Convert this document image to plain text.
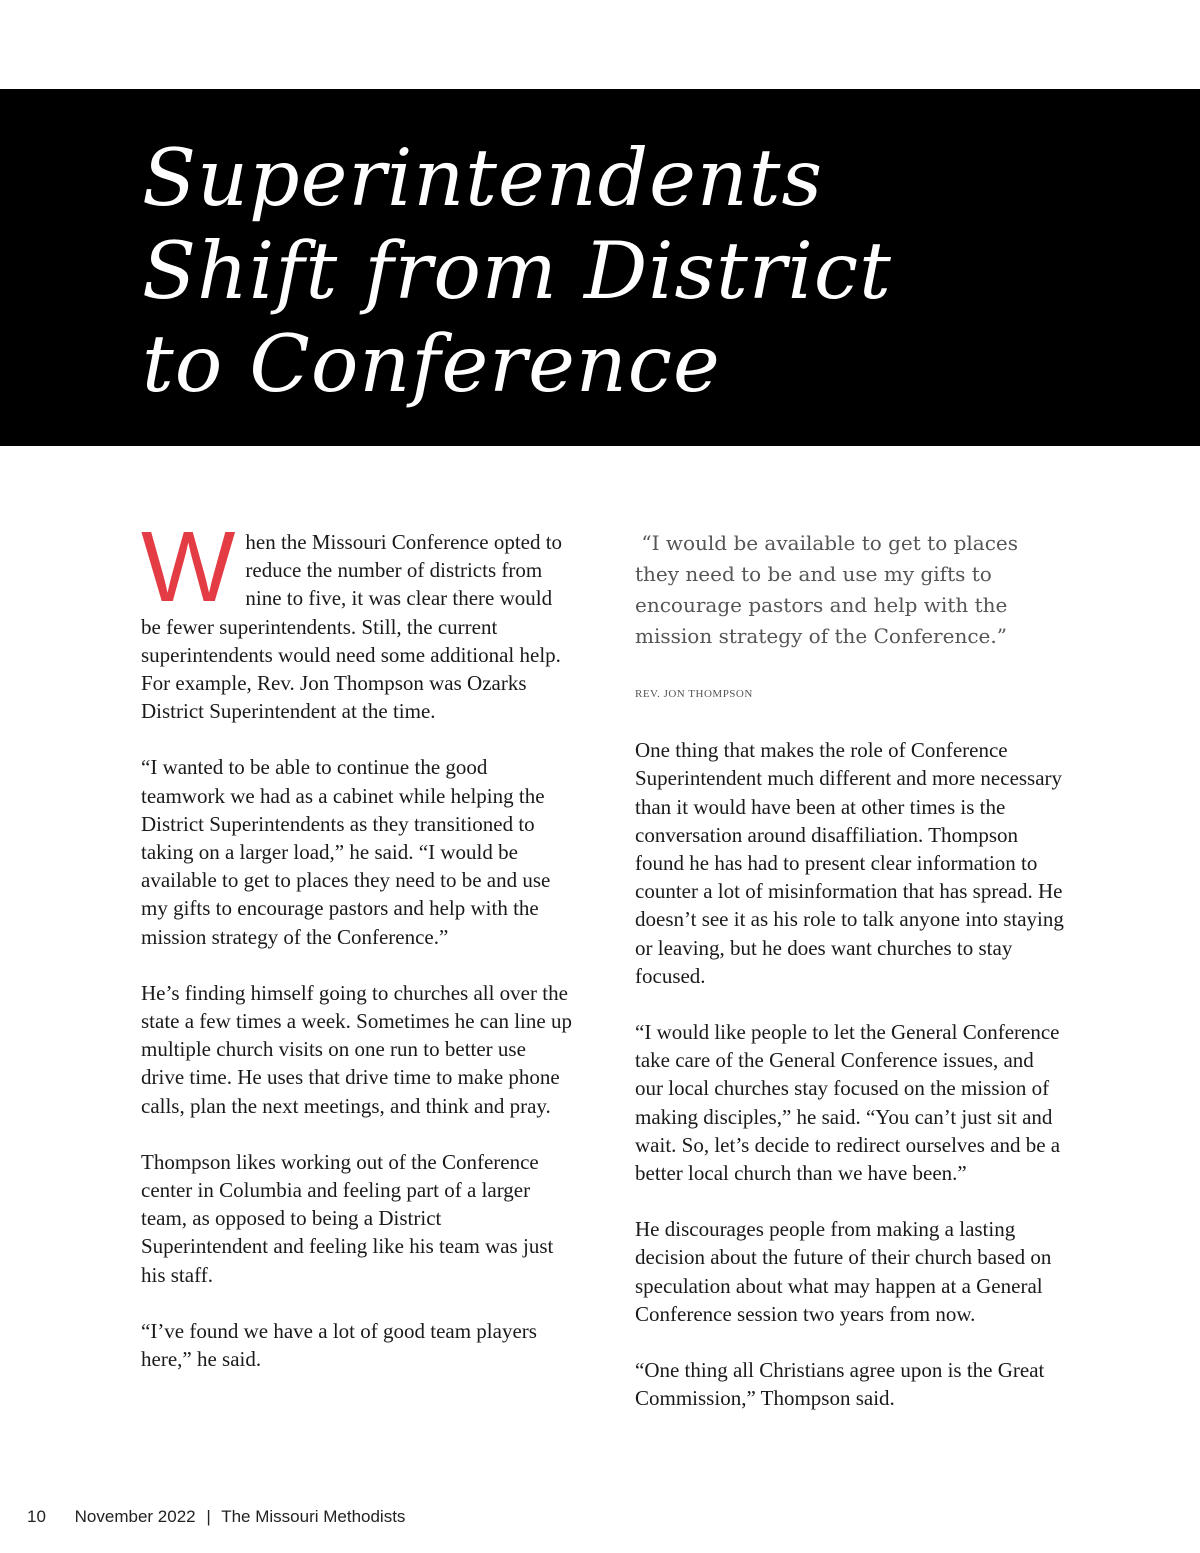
Superintendents
Shift from District
to Conference

When the Missouri Conference opted to reduce the number of districts from nine to five, it was clear there would be fewer superintendents. Still, the current superintendents would need some additional help. For example, Rev. Jon Thompson was Ozarks District Superintendent at the time.

“I wanted to be able to continue the good teamwork we had as a cabinet while helping the District Superintendents as they transitioned to taking on a larger load,” he said. “I would be available to get to places they need to be and use my gifts to encourage pastors and help with the mission strategy of the Conference.”

He’s finding himself going to churches all over the state a few times a week. Sometimes he can line up multiple church visits on one run to better use drive time. He uses that drive time to make phone calls, plan the next meetings, and think and pray.

Thompson likes working out of the Conference center in Columbia and feeling part of a larger team, as opposed to being a District Superintendent and feeling like his team was just his staff.

“I’ve found we have a lot of good team players here,” he said.

“I would be available to get to places they need to be and use my gifts to encourage pastors and help with the mission strategy of the Conference.”

REV. JON THOMPSON

One thing that makes the role of Conference Superintendent much different and more necessary than it would have been at other times is the conversation around disaffiliation. Thompson found he has had to present clear information to counter a lot of misinformation that has spread. He doesn’t see it as his role to talk anyone into staying or leaving, but he does want churches to stay focused.

“I would like people to let the General Conference take care of the General Conference issues, and our local churches stay focused on the mission of making disciples,” he said. “You can’t just sit and wait. So, let’s decide to redirect ourselves and be a better local church than we have been.”

He discourages people from making a lasting decision about the future of their church based on speculation about what may happen at a General Conference session two years from now.

“One thing all Christians agree upon is the Great Commission,” Thompson said.

10 November 2022 | The Missouri Methodists
